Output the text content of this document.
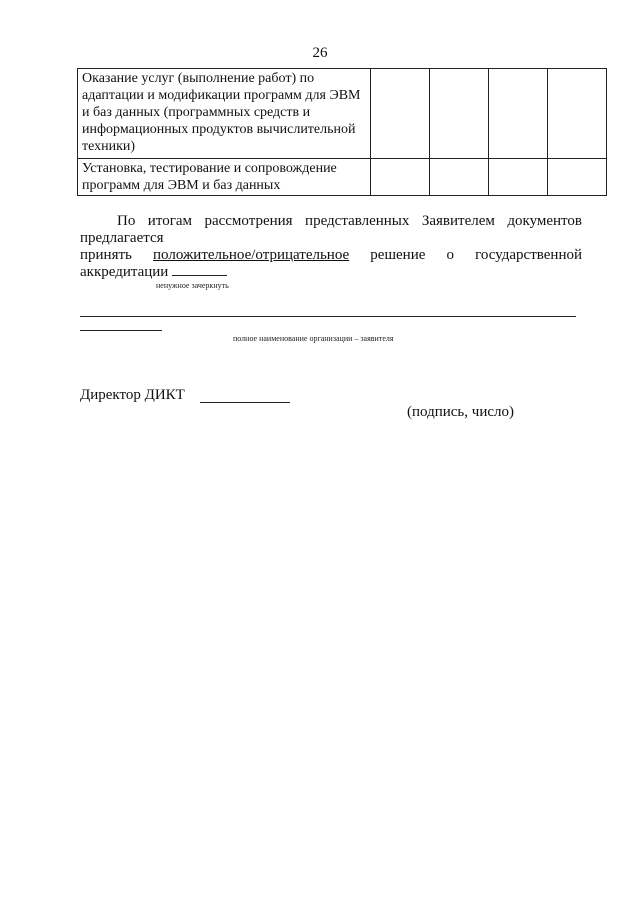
26
Оказание услуг (выполнение работ) по адаптации и модификации программ для ЭВМ и баз данных (программных средств и информационных продуктов вычислительной техники)				
Установка, тестирование и сопровождение программ для ЭВМ и баз данных				
По итогам рассмотрения представленных Заявителем документов
предлагается
принять положительное/отрицательное решение о государственной
аккредитации
ненужное зачеркнуть
полное наименование организации – заявителя
Директор ДИКТ
(подпись, число)
